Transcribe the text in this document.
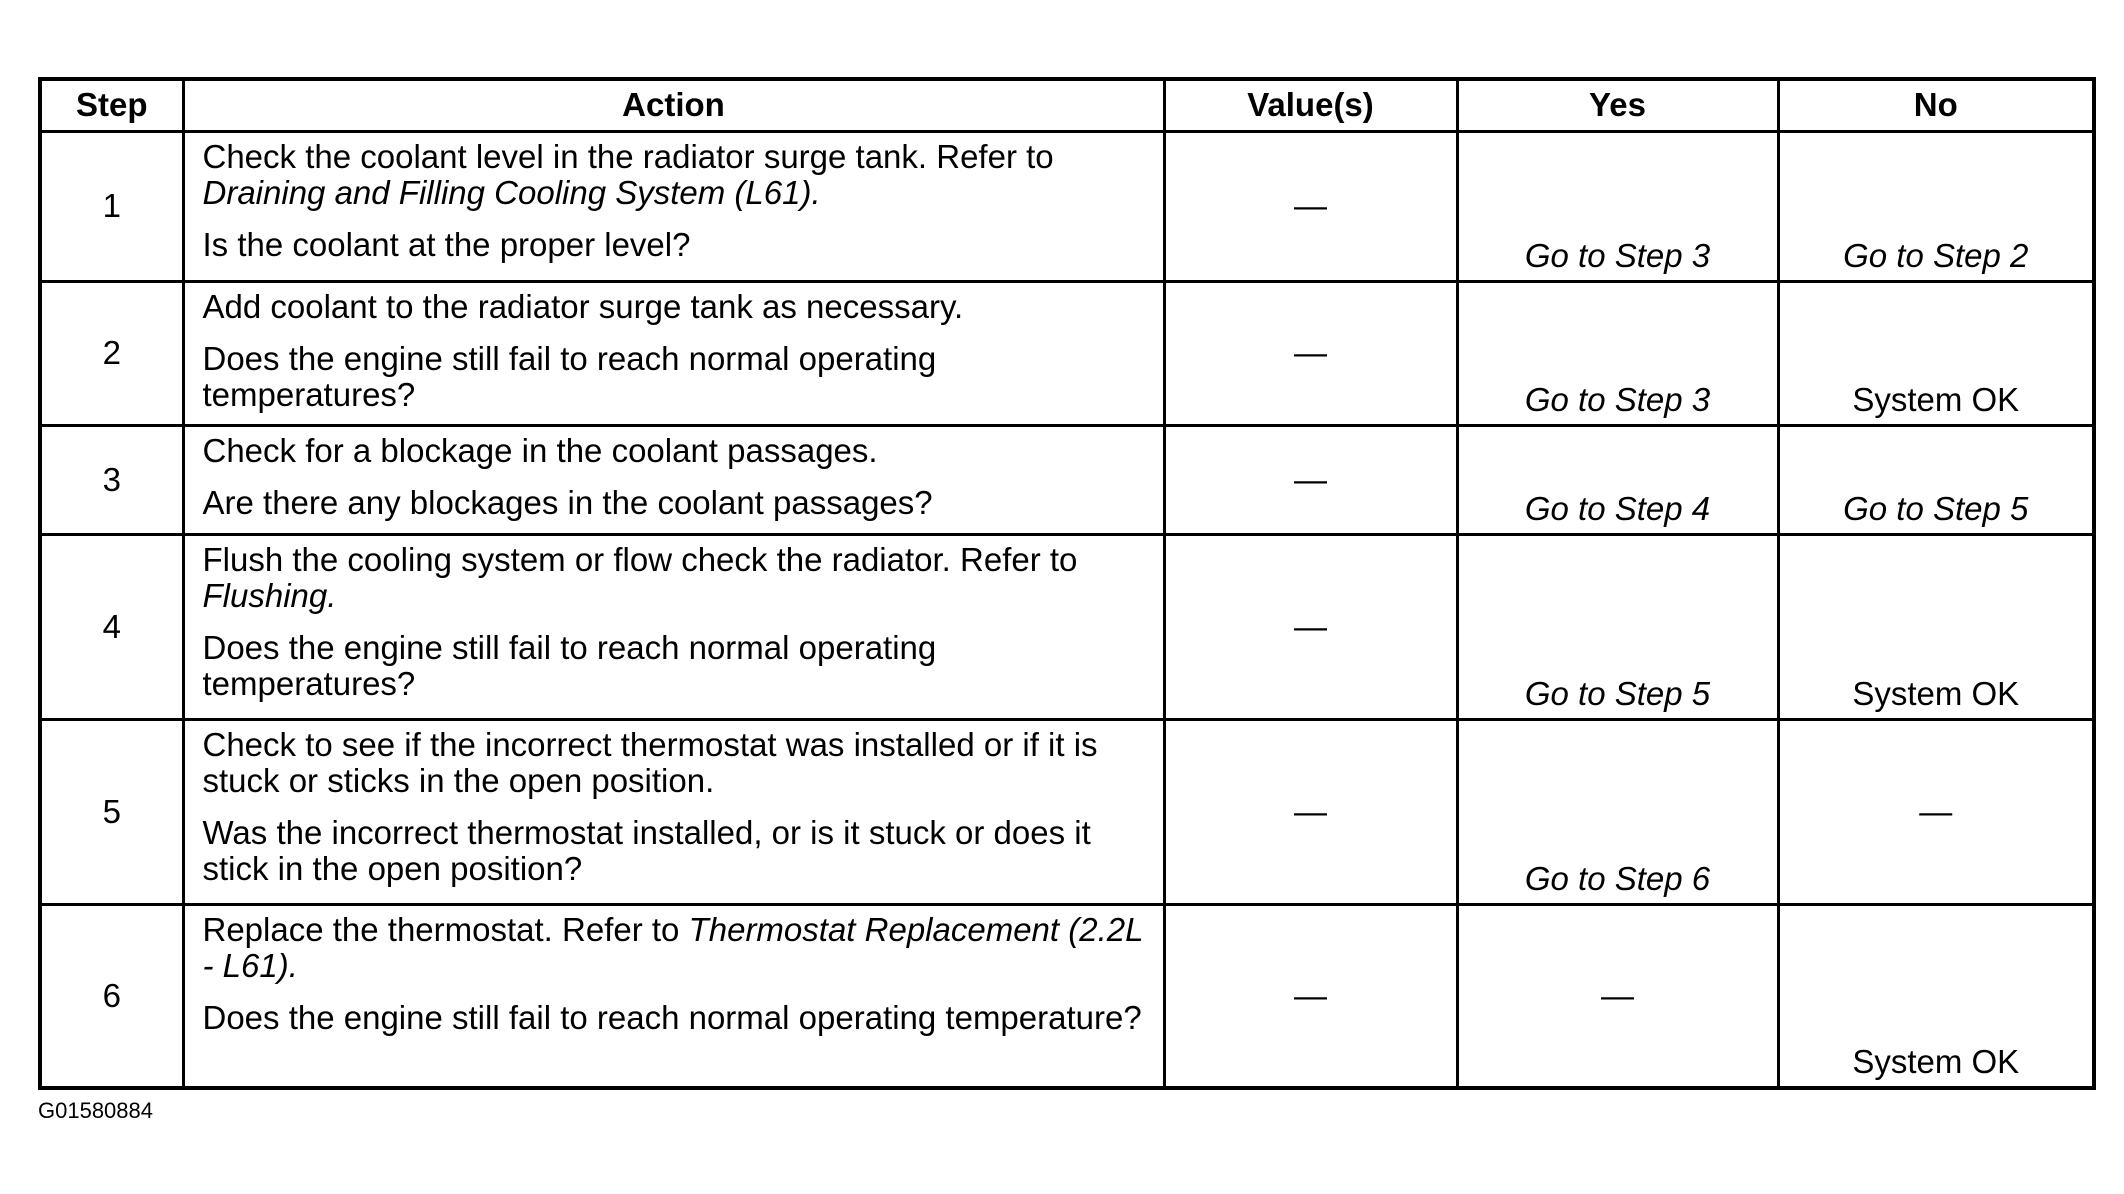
Step	Action	Value(s)	Yes	No
1	Check the coolant level in the radiator surge tank. Refer to Draining and Filling Cooling System (L61).

Is the coolant at the proper level?	—	Go to Step 3	Go to Step 2
2	Add coolant to the radiator surge tank as necessary.

Does the engine still fail to reach normal operating temperatures?	—	Go to Step 3	System OK
3	Check for a blockage in the coolant passages.

Are there any blockages in the coolant passages?	—	Go to Step 4	Go to Step 5
4	Flush the cooling system or flow check the radiator. Refer to Flushing.

Does the engine still fail to reach normal operating temperatures?	—	Go to Step 5	System OK
5	Check to see if the incorrect thermostat was installed or if it is stuck or sticks in the open position.

Was the incorrect thermostat installed, or is it stuck or does it stick in the open position?	—	Go to Step 6	—
6	Replace the thermostat. Refer to Thermostat Replacement (2.2L - L61).

Does the engine still fail to reach normal operating temperature?	—	—	System OK
G01580884
